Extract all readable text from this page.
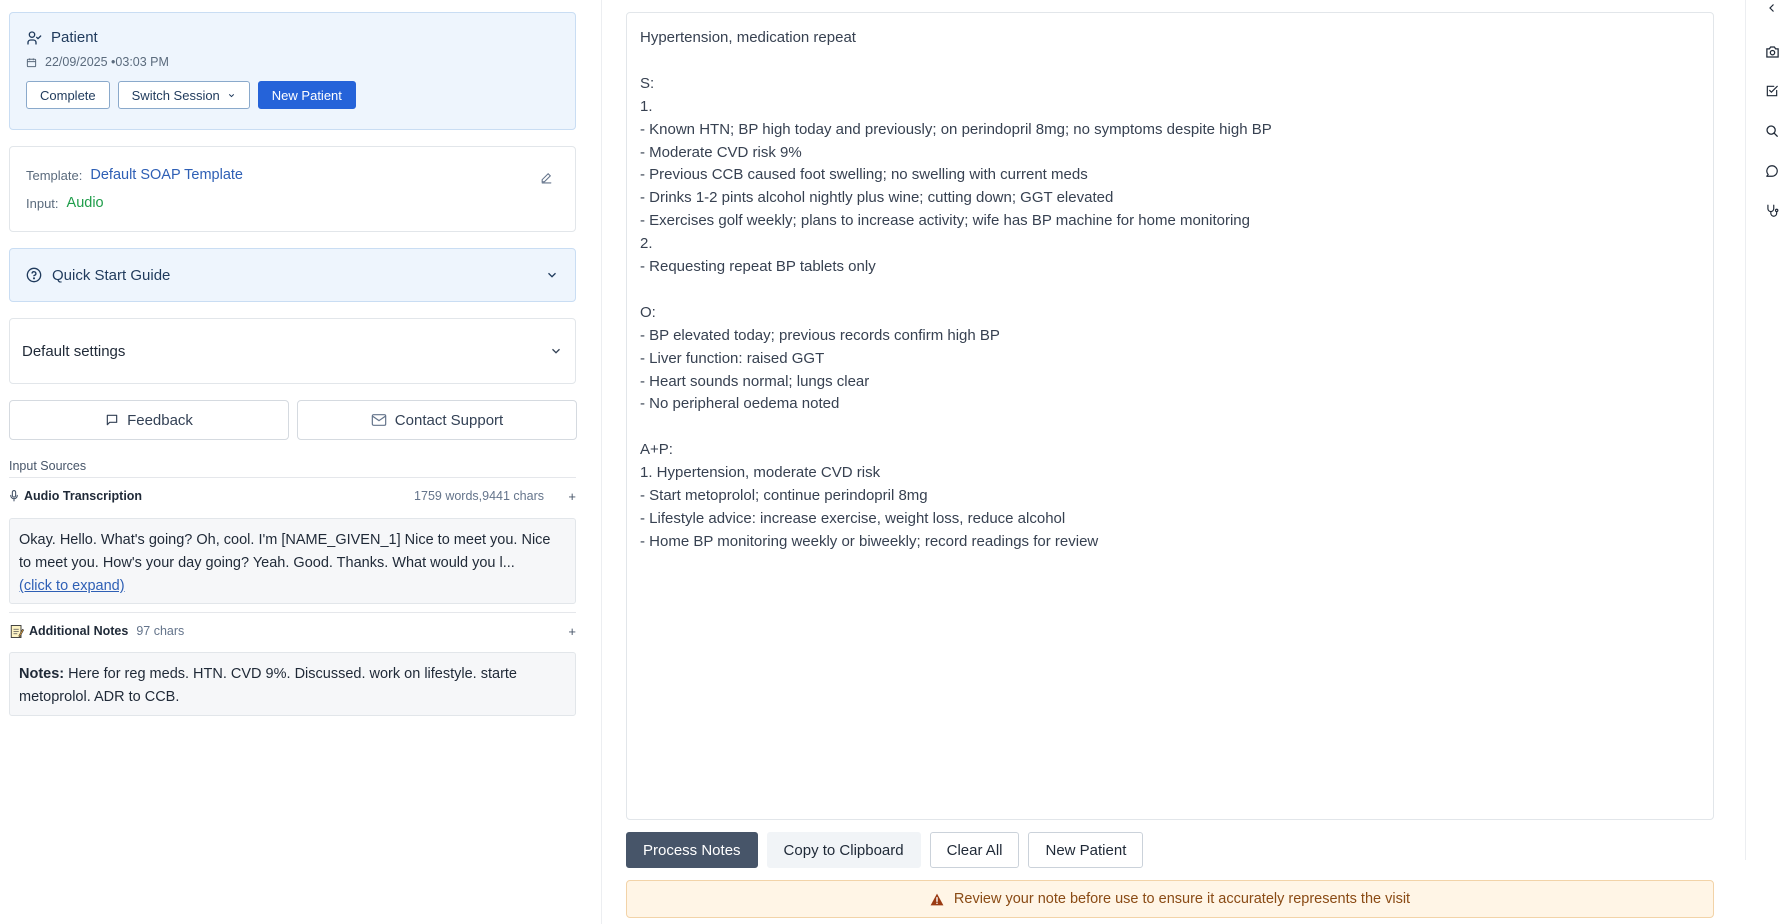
Patient
22/09/2025 •03:03 PM
Complete	Switch Session	New Patient
Template: Default SOAP Template
Input: Audio
Quick Start Guide
Default settings
Feedback	Contact Support
Input Sources
Audio Transcription	1759 words,9441 chars	+
Okay. Hello. What's going? Oh, cool. I'm [NAME_GIVEN_1] Nice to meet you. Nice to meet you. How's your day going? Yeah. Good. Thanks. What would you l...
(click to expand)
Additional Notes 97 chars	+
Notes: Here for reg meds. HTN. CVD 9%. Discussed. work on lifestyle. starte metoprolol. ADR to CCB.
Hypertension, medication repeat
S:
1.
- Known HTN; BP high today and previously; on perindopril 8mg; no symptoms despite high BP
- Moderate CVD risk 9%
- Previous CCB caused foot swelling; no swelling with current meds
- Drinks 1-2 pints alcohol nightly plus wine; cutting down; GGT elevated
- Exercises golf weekly; plans to increase activity; wife has BP machine for home monitoring
2.
- Requesting repeat BP tablets only
O:
- BP elevated today; previous records confirm high BP
- Liver function: raised GGT
- Heart sounds normal; lungs clear
- No peripheral oedema noted
A+P:
1. Hypertension, moderate CVD risk
- Start metoprolol; continue perindopril 8mg
- Lifestyle advice: increase exercise, weight loss, reduce alcohol
- Home BP monitoring weekly or biweekly; record readings for review
Process Notes	Copy to Clipboard	Clear All	New Patient
Review your note before use to ensure it accurately represents the visit
